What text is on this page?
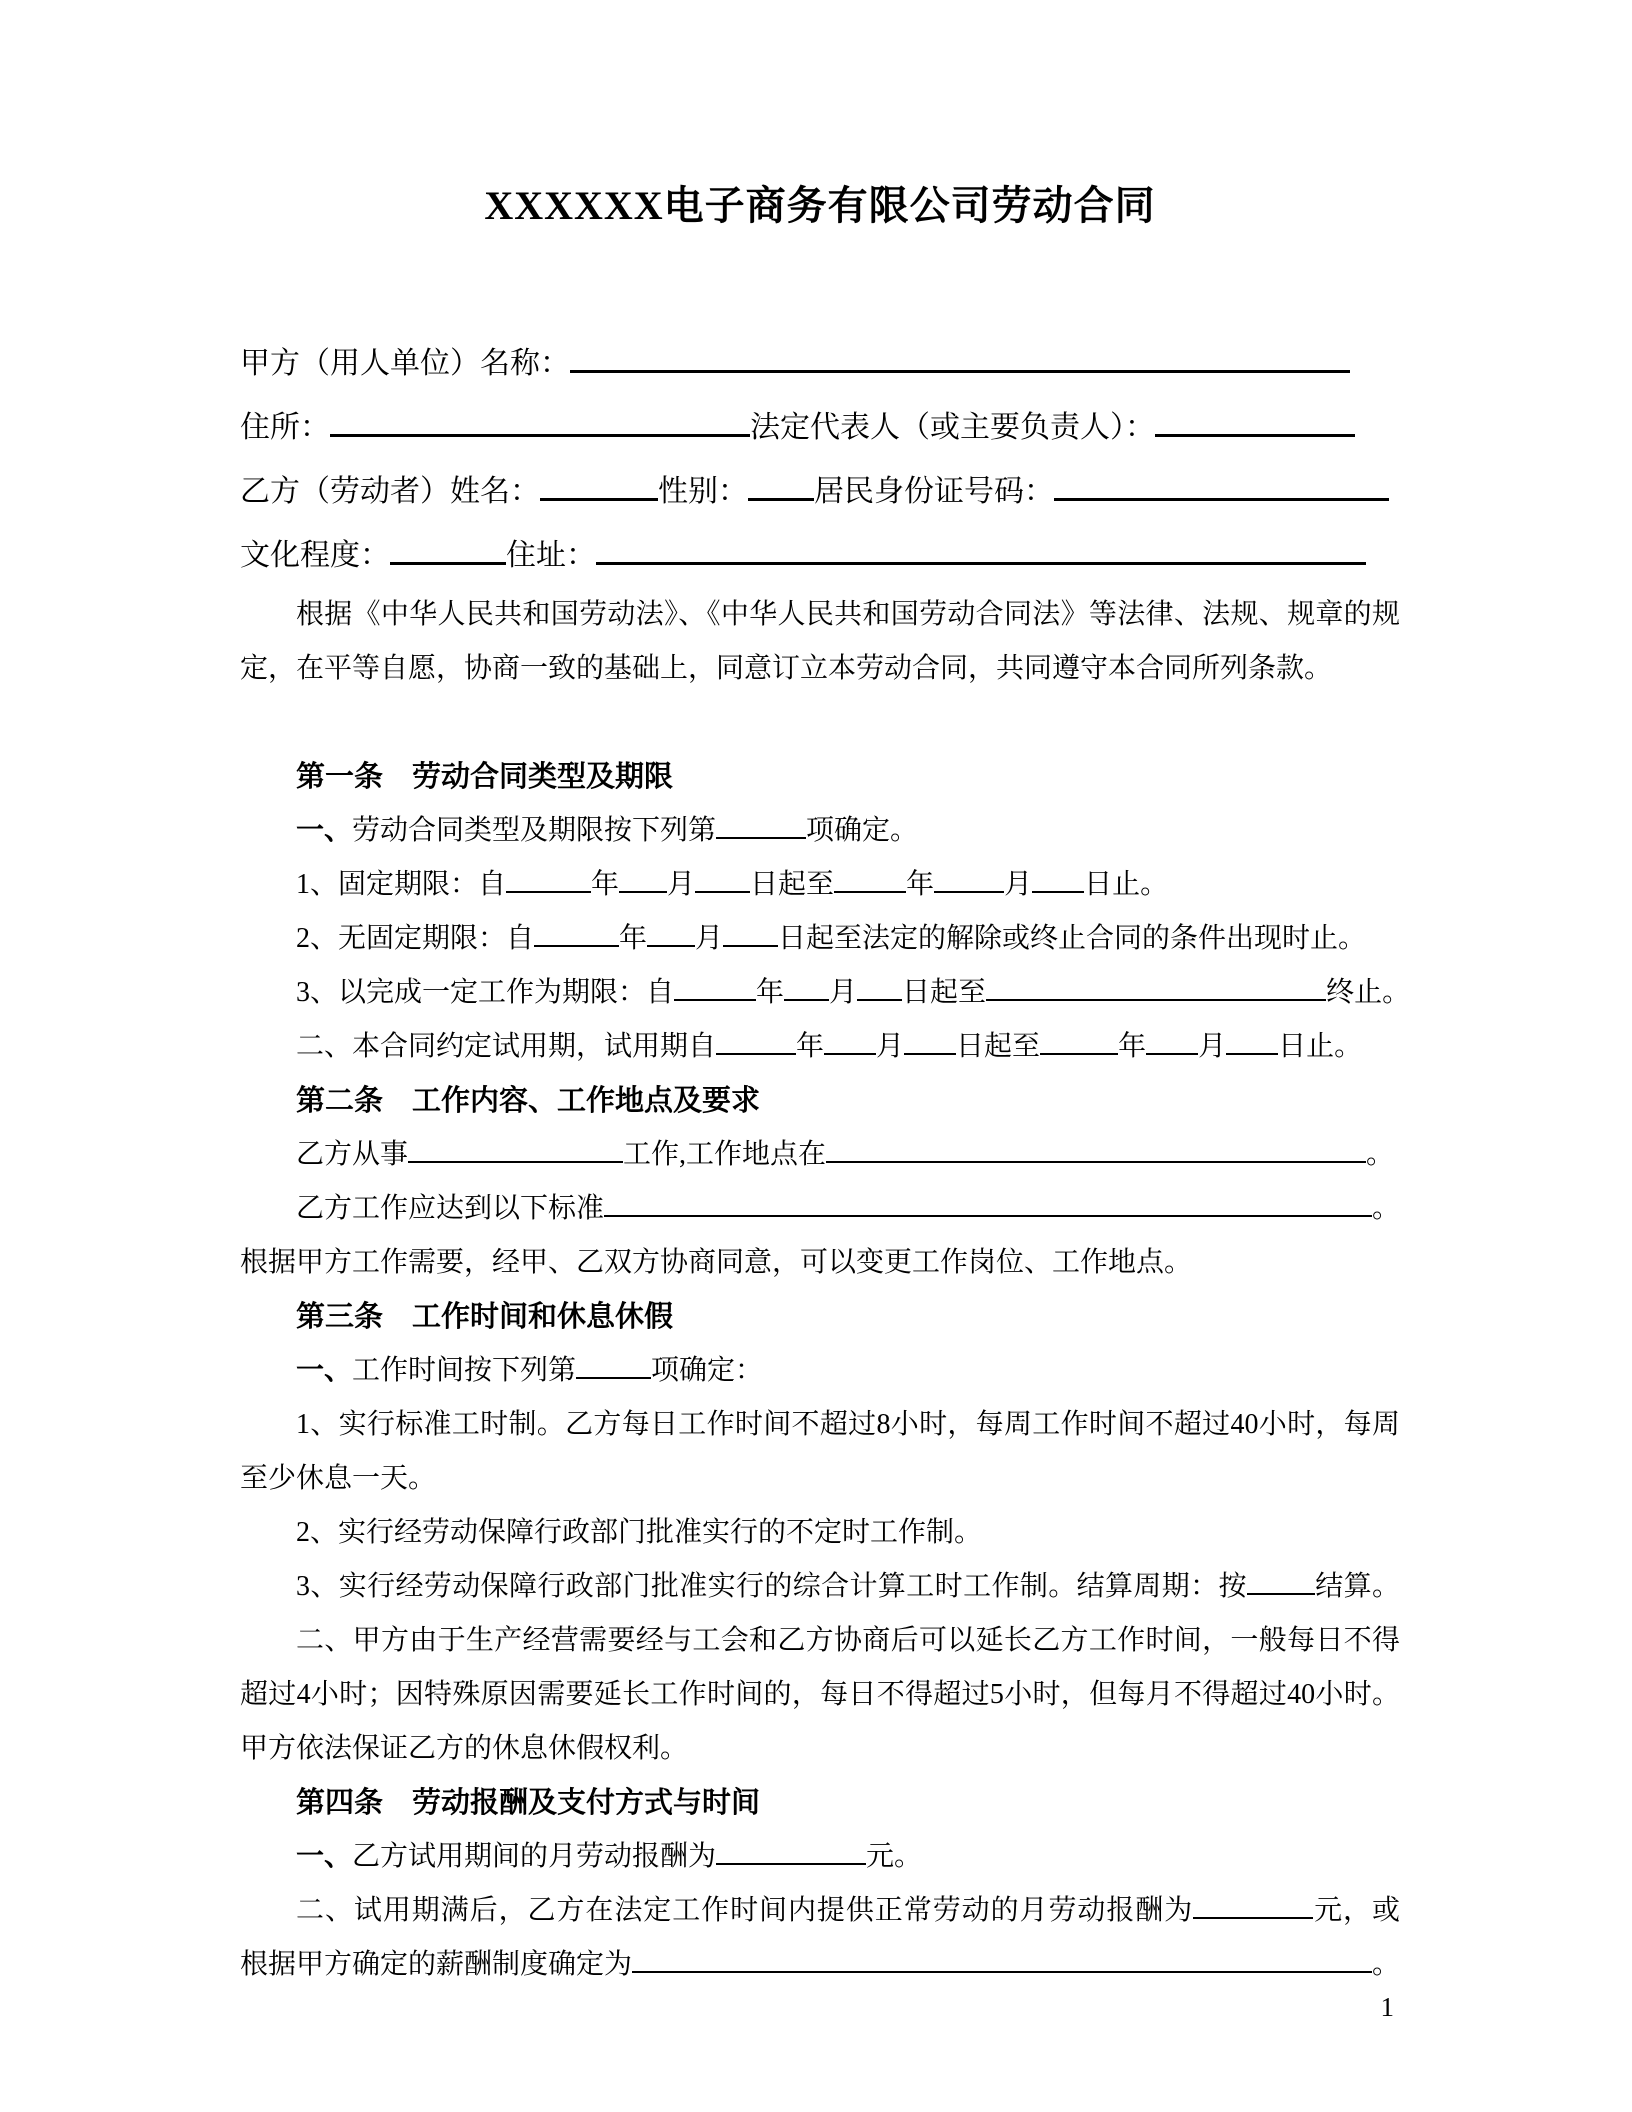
XXXXXX电子商务有限公司劳动合同
甲方（用人单位）名称：
住所：	法定代表人（或主要负责人）：
乙方（劳动者）姓名：	性别： 居民身份证号码：
文化程度：	住址：
根据《中华人民共和国劳动法》、《中华人民共和国劳动合同法》等法律、法规、规章的规
定，在平等自愿，协商一致的基础上，同意订立本劳动合同，共同遵守本合同所列条款。
第一条　劳动合同类型及期限
一、劳动合同类型及期限按下列第	项确定。
1、固定期限：自	年 月 日起至	年	月 日止。
2、无固定期限：自	年 月 日起至法定的解除或终止合同的条件出现时止。
3、以完成一定工作为期限：自	年 月 日起至	终止。
二、本合同约定试用期，试用期自	年 月 日起至	年 月 日止。
第二条　工作内容、工作地点及要求
乙方从事	工作,工作地点在	。
乙方工作应达到以下标准	。
根据甲方工作需要，经甲、乙双方协商同意，可以变更工作岗位、工作地点。
第三条　工作时间和休息休假
一、工作时间按下列第	项确定：
1、实行标准工时制。乙方每日工作时间不超过8小时，每周工作时间不超过40小时，每周
至少休息一天。
2、实行经劳动保障行政部门批准实行的不定时工作制。
3、实行经劳动保障行政部门批准实行的综合计算工时工作制。结算周期：按 结算。
二、甲方由于生产经营需要经与工会和乙方协商后可以延长乙方工作时间，一般每日不得
超过4小时；因特殊原因需要延长工作时间的，每日不得超过5小时，但每月不得超过40小时。
甲方依法保证乙方的休息休假权利。
第四条　劳动报酬及支付方式与时间
一、乙方试用期间的月劳动报酬为	元。
二、试用期满后，乙方在法定工作时间内提供正常劳动的月劳动报酬为	元，或
根据甲方确定的薪酬制度确定为	。
1
